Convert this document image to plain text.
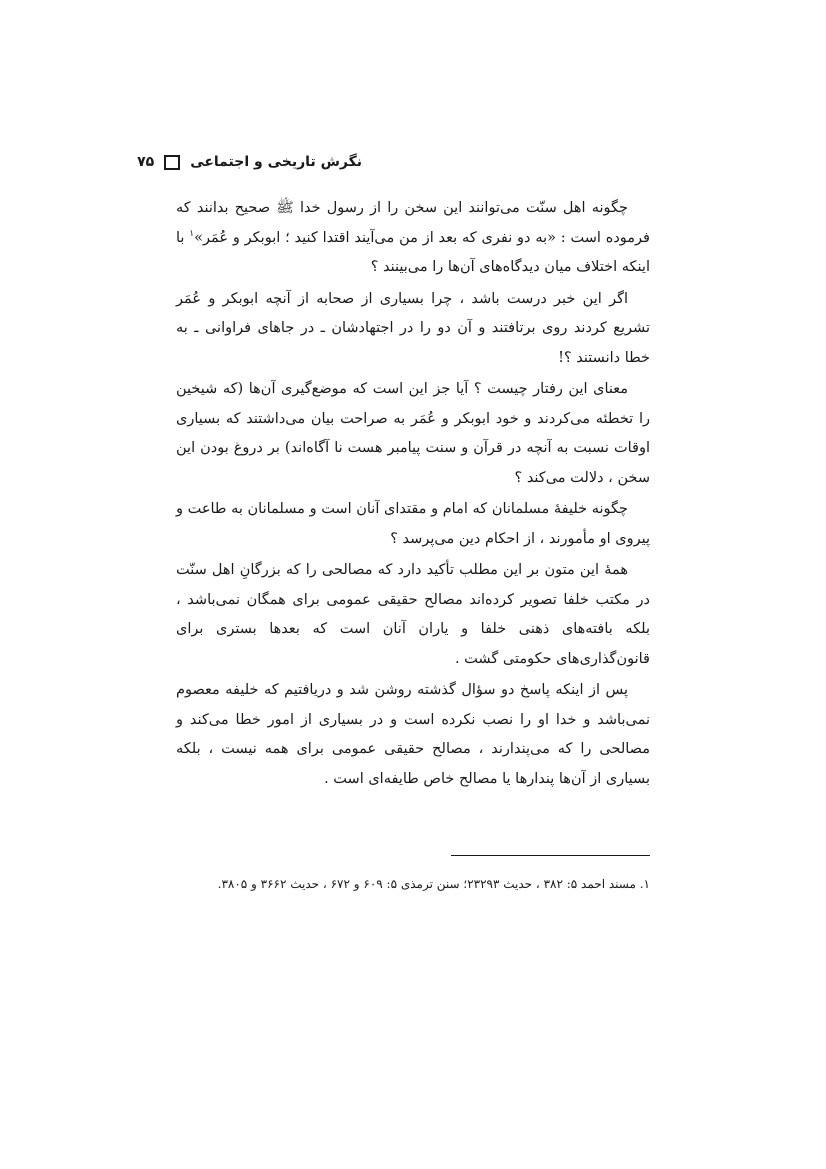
۷۵	نگرش تاریخی و اجتماعی

چگونه اهل سنّت می‌توانند این سخن را از رسول خدا ﷺ صحیح بدانند که فرموده است : «به دو نفری که بعد از من می‌آیند اقتدا کنید ؛ ابوبکر و عُمَر»$^۱$ با اینکه اختلاف میان دیدگاه‌های آن‌ها را می‌بینند ؟

اگر این خبر درست باشد ، چرا بسیاری از صحابه از آنچه ابوبکر و عُمَر تشریع کردند روی برتافتند و آن دو را در اجتهادشان ـ در جاهای فراوانی ـ به خطا دانستند ؟!

معنای این رفتار چیست ؟ آیا جز این است که موضع‌گیری آن‌ها (که شیخین را تخطئه می‌کردند و خود ابوبکر و عُمَر به صراحت بیان می‌داشتند که بسیاری اوقات نسبت به آنچه در قرآن و سنت پیامبر هست نا آگاه‌اند) بر دروغ بودن این سخن ، دلالت می‌کند ؟

چگونه خلیفهٔ مسلمانان که امام و مقتدای آنان است و مسلمانان به طاعت و پیروی او مأمورند ، از احکام دین می‌پرسد ؟

همهٔ این متون بر این مطلب تأکید دارد که مصالحی را که بزرگانِ اهل سنّت در مکتب خلفا تصویر کرده‌اند مصالح حقیقی عمومی برای همگان نمی‌باشد ، بلکه بافته‌های ذهنی خلفا و یاران آنان است که بعدها بستری برای قانون‌گذاری‌های حکومتی گشت .

پس از اینکه پاسخ دو سؤال گذشته روشن شد و دریافتیم که خلیفه معصوم نمی‌باشد و خدا او را نصب نکرده است و در بسیاری از امور خطا می‌کند و مصالحی را که می‌پندارند ، مصالح حقیقی عمومی برای همه نیست ، بلکه بسیاری از آن‌ها پندارها یا مصالح خاص طایفه‌ای است .

۱. مسند احمد ۵: ۳۸۲ ، حدیث ۲۳۲۹۳؛ سنن ترمذی ۵: ۶۰۹ و ۶۷۲ ، حدیث ۳۶۶۲ و ۳۸۰۵.
